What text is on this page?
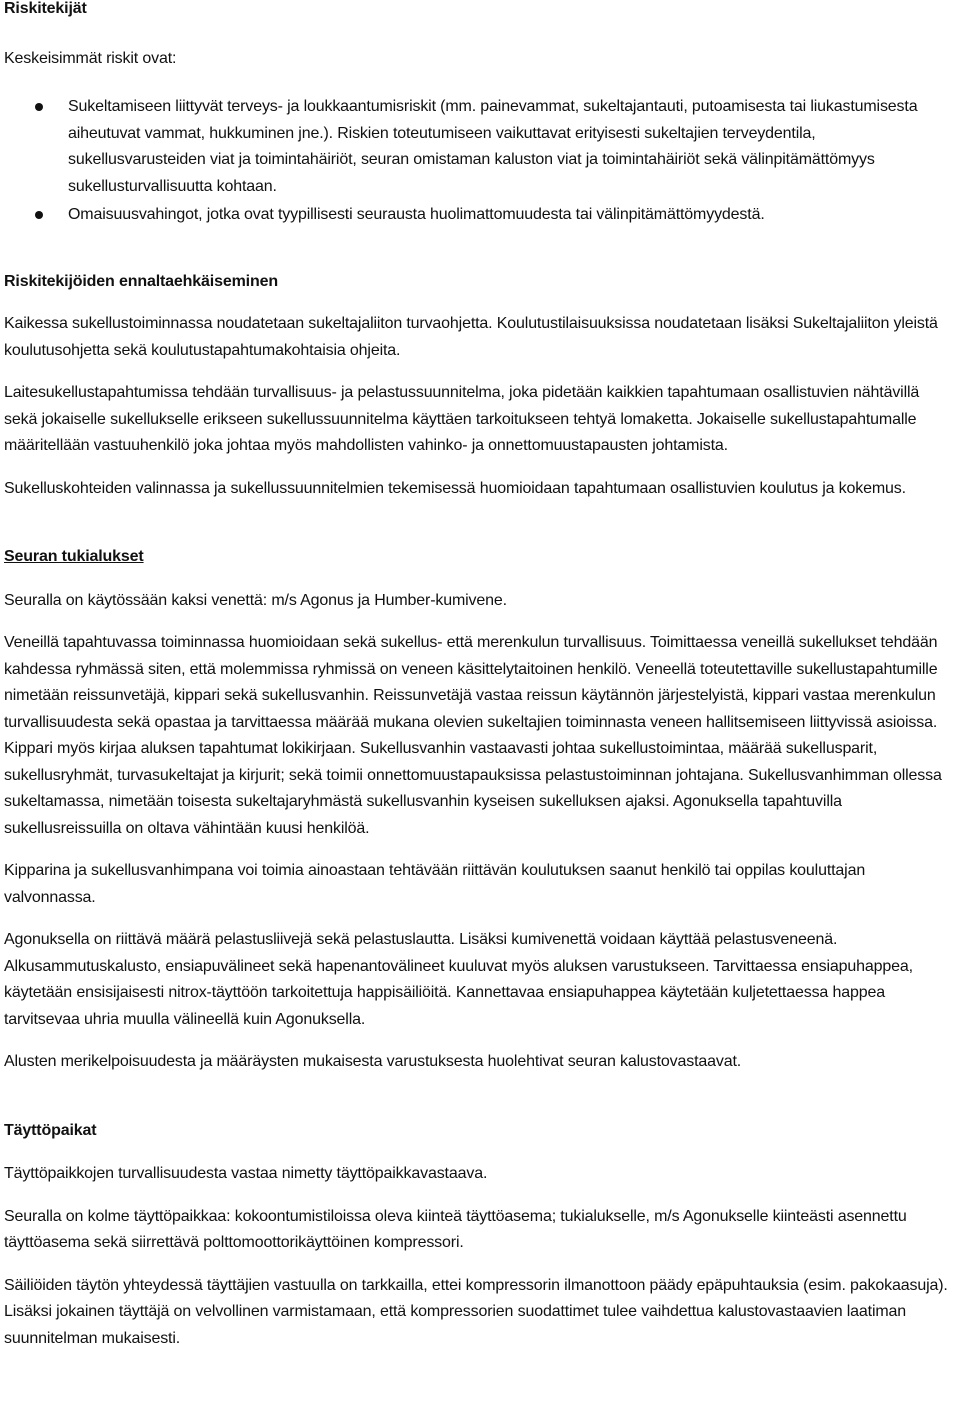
Riskitekijät

Keskeisimmät riskit ovat:

Sukeltamiseen liittyvät terveys- ja loukkaantumisriskit (mm. painevammat, sukeltajantauti, putoamisesta tai liukastumisesta aiheutuvat vammat, hukkuminen jne.). Riskien toteutumiseen vaikuttavat erityisesti sukeltajien terveydentila, sukellusvarusteiden viat ja toimintahäiriöt, seuran omistaman kaluston viat ja toimintahäiriöt sekä välinpitämättömyys sukellusturvallisuutta kohtaan.
Omaisuusvahingot, jotka ovat tyypillisesti seurausta huolimattomuudesta tai välinpitämättömyydestä.
Riskitekijöiden ennaltaehkäiseminen

Kaikessa sukellustoiminnassa noudatetaan sukeltajaliiton turvaohjetta. Koulutustilaisuuksissa noudatetaan lisäksi Sukeltajaliiton yleistä koulutusohjetta sekä koulutustapahtumakohtaisia ohjeita.

Laitesukellustapahtumissa tehdään turvallisuus- ja pelastussuunnitelma, joka pidetään kaikkien tapahtumaan osallistuvien nähtävillä sekä jokaiselle sukellukselle erikseen sukellussuunnitelma käyttäen tarkoitukseen tehtyä lomaketta. Jokaiselle sukellustapahtumalle määritellään vastuuhenkilö joka johtaa myös mahdollisten vahinko- ja onnettomuustapausten johtamista.

Sukelluskohteiden valinnassa ja sukellussuunnitelmien tekemisessä huomioidaan tapahtumaan osallistuvien koulutus ja kokemus.

Seuran tukialukset

Seuralla on käytössään kaksi venettä: m/s Agonus ja Humber-kumivene.

Veneillä tapahtuvassa toiminnassa huomioidaan sekä sukellus- että merenkulun turvallisuus. Toimittaessa veneillä sukellukset tehdään kahdessa ryhmässä siten, että molemmissa ryhmissä on veneen käsittelytaitoinen henkilö. Veneellä toteutettaville sukellustapahtumille nimetään reissunvetäjä, kippari sekä sukellusvanhin. Reissunvetäjä vastaa reissun käytännön järjestelyistä, kippari vastaa merenkulun turvallisuudesta sekä opastaa ja tarvittaessa määrää mukana olevien sukeltajien toiminnasta veneen hallitsemiseen liittyvissä asioissa. Kippari myös kirjaa aluksen tapahtumat lokikirjaan. Sukellusvanhin vastaavasti johtaa sukellustoimintaa, määrää sukellusparit, sukellusryhmät, turvasukeltajat ja kirjurit; sekä toimii onnettomuustapauksissa pelastustoiminnan johtajana. Sukellusvanhimman ollessa sukeltamassa, nimetään toisesta sukeltajaryhmästä sukellusvanhin kyseisen sukelluksen ajaksi. Agonuksella tapahtuvilla sukellusreissuilla on oltava vähintään kuusi henkilöä.

Kipparina ja sukellusvanhimpana voi toimia ainoastaan tehtävään riittävän koulutuksen saanut henkilö tai oppilas kouluttajan valvonnassa.

Agonuksella on riittävä määrä pelastusliivejä sekä pelastuslautta. Lisäksi kumivenettä voidaan käyttää pelastusveneenä. Alkusammutuskalusto, ensiapuvälineet sekä hapenantovälineet kuuluvat myös aluksen varustukseen. Tarvittaessa ensiapuhappea, käytetään ensisijaisesti nitrox-täyttöön tarkoitettuja happisäiliöitä. Kannettavaa ensiapuhappea käytetään kuljetettaessa happea tarvitsevaa uhria muulla välineellä kuin Agonuksella.

Alusten merikelpoisuudesta ja määräysten mukaisesta varustuksesta huolehtivat seuran kalustovastaavat.

Täyttöpaikat

Täyttöpaikkojen turvallisuudesta vastaa nimetty täyttöpaikkavastaava.

Seuralla on kolme täyttöpaikkaa: kokoontumistiloissa oleva kiinteä täyttöasema; tukialukselle, m/s Agonukselle kiinteästi asennettu täyttöasema sekä siirrettävä polttomoottorikäyttöinen kompressori.

Säiliöiden täytön yhteydessä täyttäjien vastuulla on tarkkailla, ettei kompressorin ilmanottoon päädy epäpuhtauksia (esim. pakokaasuja). Lisäksi jokainen täyttäjä on velvollinen varmistamaan, että kompressorien suodattimet tulee vaihdettua kalustovastaavien laatiman suunnitelman mukaisesti.
